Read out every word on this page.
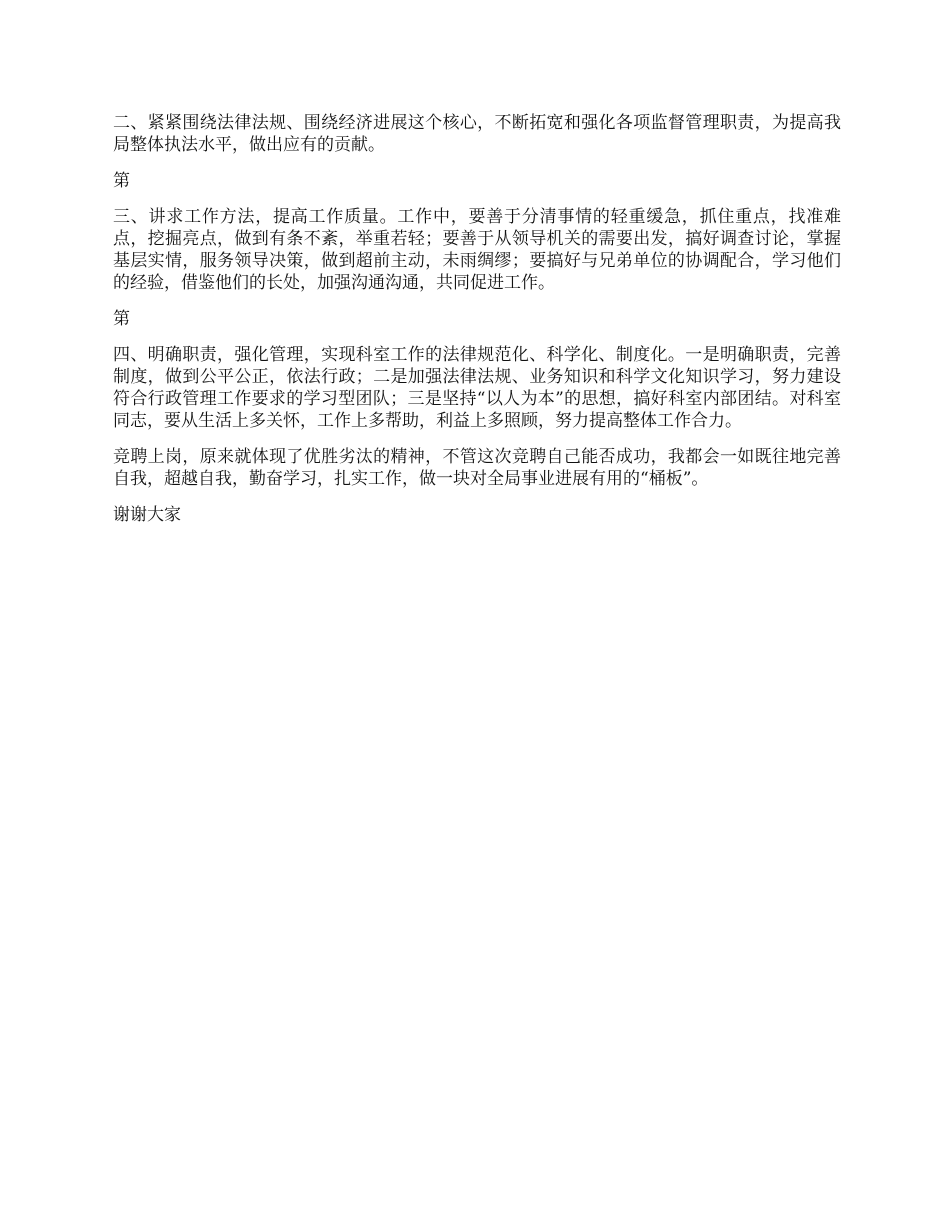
二、紧紧围绕法律法规、围绕经济进展这个核心，不断拓宽和强化各项监督管理职责，为提高我局整体执法水平，做出应有的贡献。

第

三、讲求工作方法，提高工作质量。工作中，要善于分清事情的轻重缓急，抓住重点，找准难点，挖掘亮点，做到有条不紊，举重若轻；要善于从领导机关的需要出发，搞好调查讨论，掌握基层实情，服务领导决策，做到超前主动，未雨绸缪；要搞好与兄弟单位的协调配合，学习他们的经验，借鉴他们的长处，加强沟通沟通，共同促进工作。

第

四、明确职责，强化管理，实现科室工作的法律规范化、科学化、制度化。一是明确职责，完善制度，做到公平公正，依法行政；二是加强法律法规、业务知识和科学文化知识学习，努力建设符合行政管理工作要求的学习型团队；三是坚持“以人为本”的思想，搞好科室内部团结。对科室同志，要从生活上多关怀，工作上多帮助，利益上多照顾，努力提高整体工作合力。

竞聘上岗，原来就体现了优胜劣汰的精神，不管这次竞聘自己能否成功，我都会一如既往地完善自我，超越自我，勤奋学习，扎实工作，做一块对全局事业进展有用的“桶板”。

谢谢大家
